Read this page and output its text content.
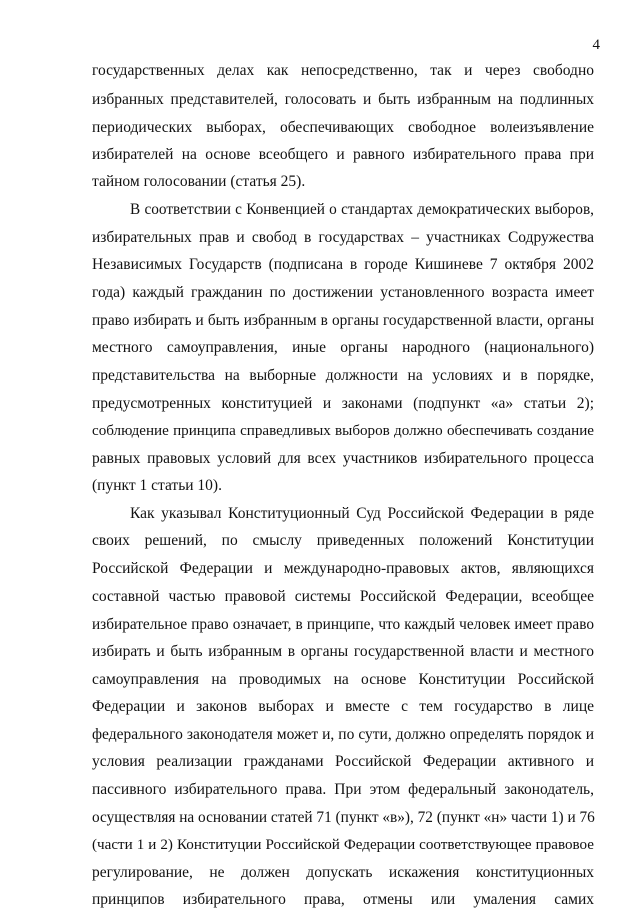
4
государственных делах как непосредственно, так и через свободно
избранных представителей, голосовать и быть избранным на подлинных
периодических выборах, обеспечивающих свободное волеизъявление
избирателей на основе всеобщего и равного избирательного права при
тайном голосовании (статья 25).
В соответствии с Конвенцией о стандартах демократических выборов,
избирательных прав и свобод в государствах – участниках Содружества
Независимых Государств (подписана в городе Кишиневе 7 октября 2002
года) каждый гражданин по достижении установленного возраста имеет
право избирать и быть избранным в органы государственной власти, органы
местного самоуправления, иные органы народного (национального)
представительства на выборные должности на условиях и в порядке,
предусмотренных конституцией и законами (подпункт «а» статьи 2);
соблюдение принципа справедливых выборов должно обеспечивать создание
равных правовых условий для всех участников избирательного процесса
(пункт 1 статьи 10).
Как указывал Конституционный Суд Российской Федерации в ряде
своих решений, по смыслу приведенных положений Конституции
Российской Федерации и международно-правовых актов, являющихся
составной частью правовой системы Российской Федерации, всеобщее
избирательное право означает, в принципе, что каждый человек имеет право
избирать и быть избранным в органы государственной власти и местного
самоуправления на проводимых на основе Конституции Российской
Федерации и законов выборах и вместе с тем государство в лице
федерального законодателя может и, по сути, должно определять порядок и
условия реализации гражданами Российской Федерации активного и
пассивного избирательного права. При этом федеральный законодатель,
осуществляя на основании статей 71 (пункт «в»), 72 (пункт «н» части 1) и 76
(части 1 и 2) Конституции Российской Федерации соответствующее правовое
регулирование, не должен допускать искажения конституционных
принципов избирательного права, отмены или умаления самих
